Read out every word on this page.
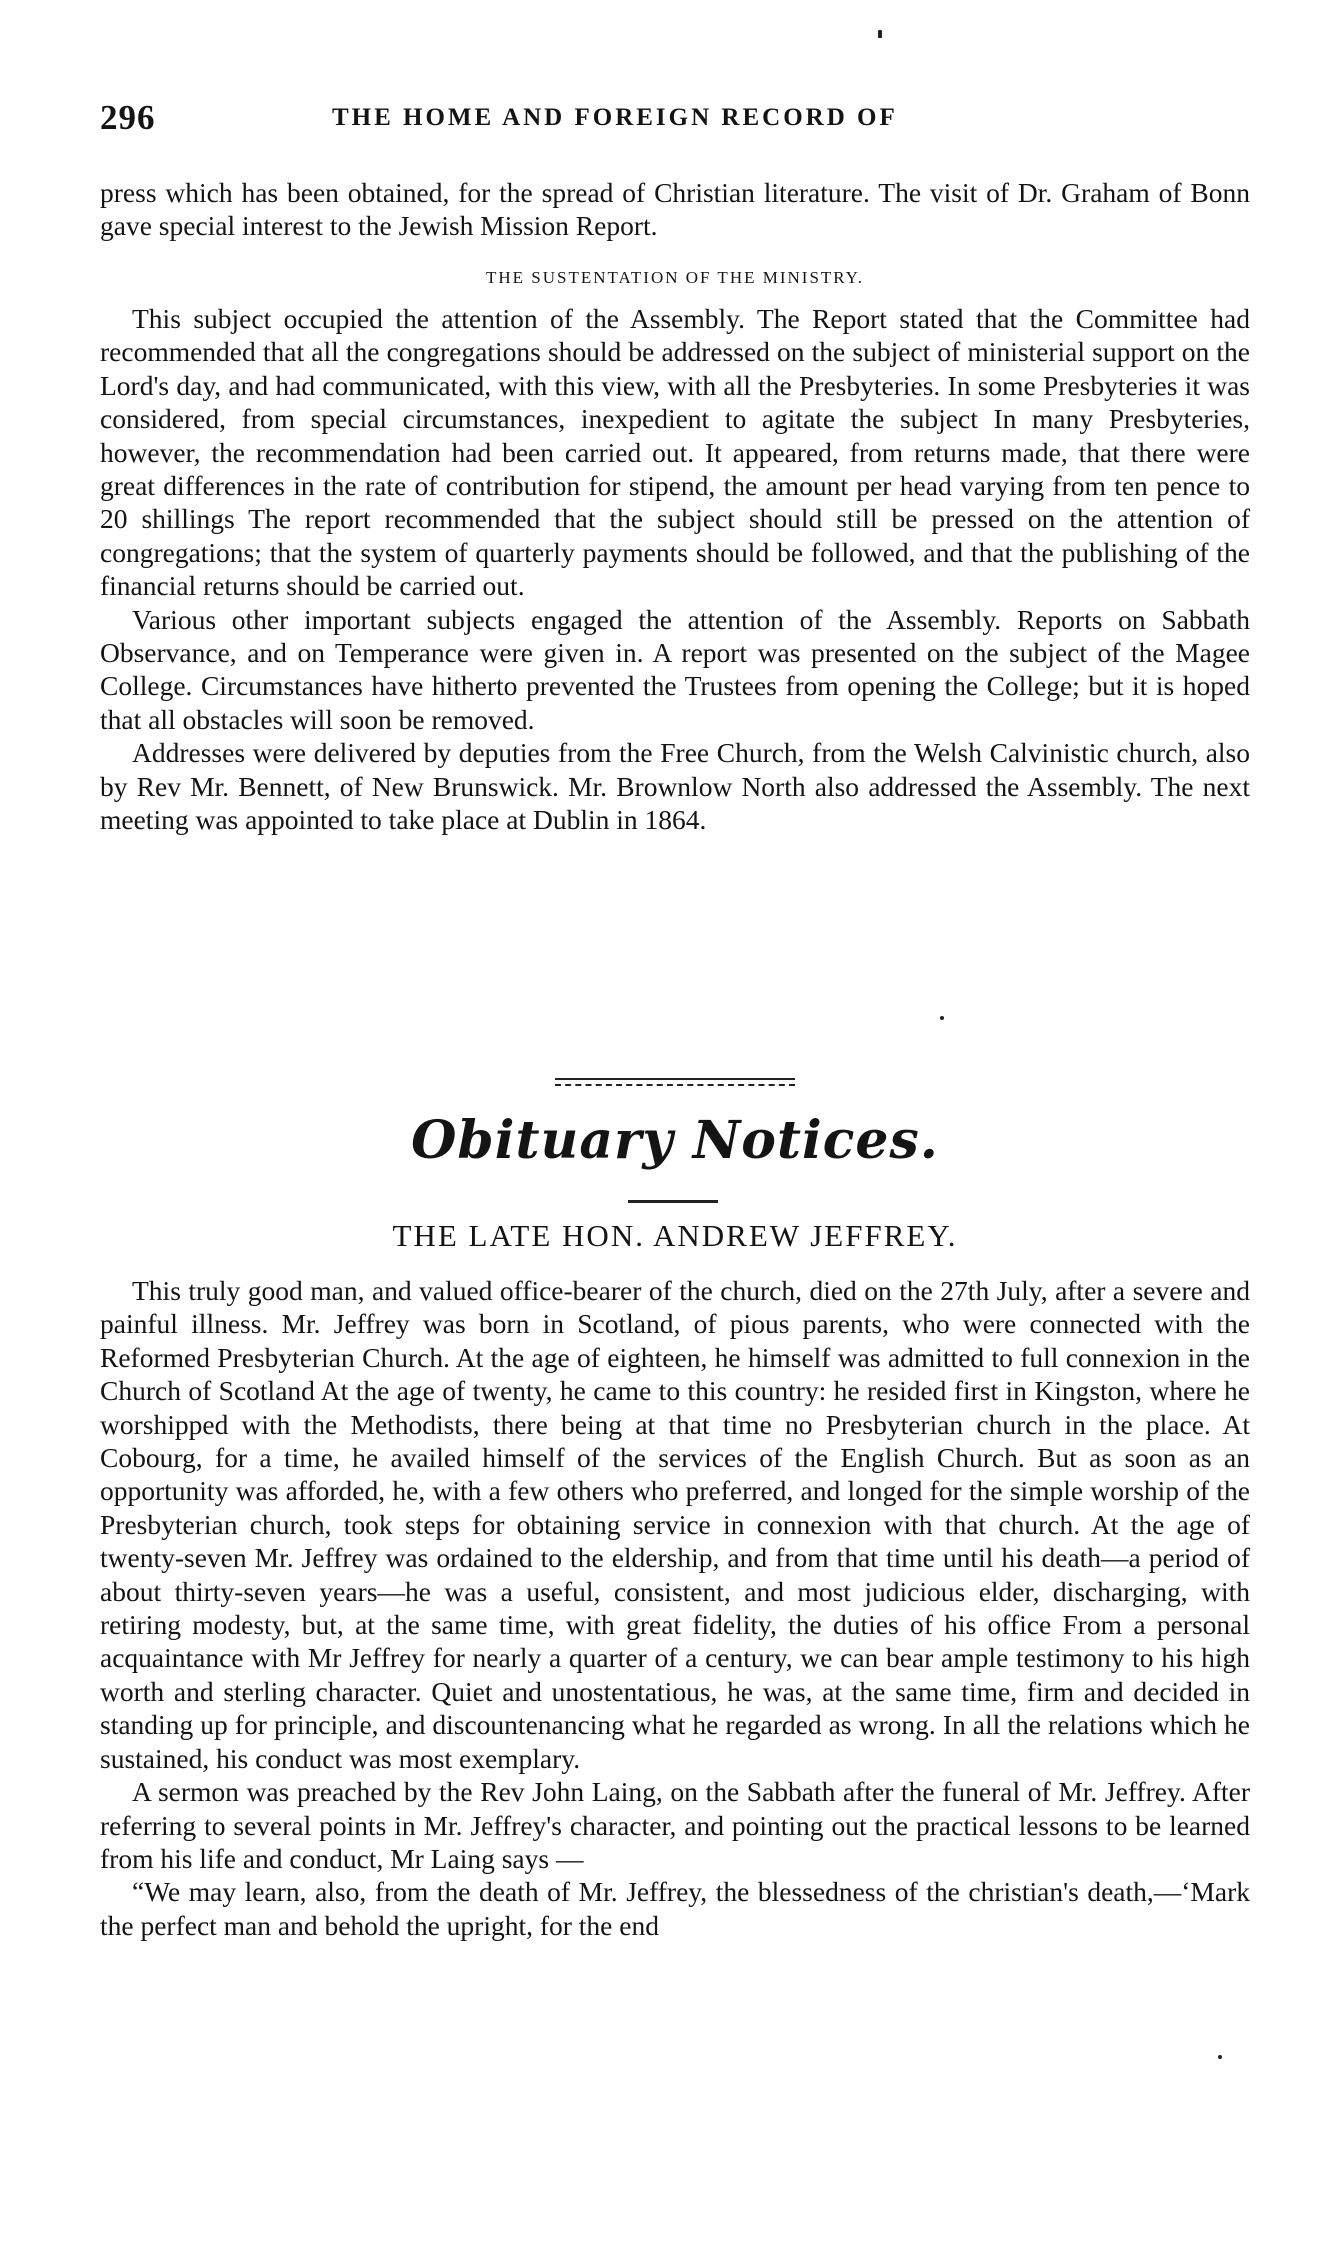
296	THE HOME AND FOREIGN RECORD OF

press which has been obtained, for the spread of Christian literature. The visit of Dr. Graham of Bonn gave special interest to the Jewish Mission Report.

THE SUSTENTATION OF THE MINISTRY.

This subject occupied the attention of the Assembly. The Report stated that the Committee had recommended that all the congregations should be addressed on the subject of ministerial support on the Lord's day, and had communicated, with this view, with all the Presbyteries. In some Presbyteries it was considered, from special circumstances, inexpedient to agitate the subject In many Presbyteries, however, the recommendation had been carried out. It appeared, from returns made, that there were great differences in the rate of contribution for stipend, the amount per head varying from ten pence to 20 shillings The report recommended that the subject should still be pressed on the attention of congregations; that the system of quarterly payments should be followed, and that the publishing of the financial returns should be carried out.

Various other important subjects engaged the attention of the Assembly. Reports on Sabbath Observance, and on Temperance were given in. A report was presented on the subject of the Magee College. Circumstances have hitherto prevented the Trustees from opening the College; but it is hoped that all obstacles will soon be removed.

Addresses were delivered by deputies from the Free Church, from the Welsh Calvinistic church, also by Rev Mr. Bennett, of New Brunswick. Mr. Brownlow North also addressed the Assembly. The next meeting was appointed to take place at Dublin in 1864.

Obituary Notices.
THE LATE HON. ANDREW JEFFREY.

This truly good man, and valued office-bearer of the church, died on the 27th July, after a severe and painful illness. Mr. Jeffrey was born in Scotland, of pious parents, who were connected with the Reformed Presbyterian Church. At the age of eighteen, he himself was admitted to full connexion in the Church of Scotland At the age of twenty, he came to this country: he resided first in Kingston, where he worshipped with the Methodists, there being at that time no Presbyterian church in the place. At Cobourg, for a time, he availed himself of the services of the English Church. But as soon as an opportunity was afforded, he, with a few others who preferred, and longed for the simple worship of the Presbyterian church, took steps for obtaining service in connexion with that church. At the age of twenty-seven Mr. Jeffrey was ordained to the eldership, and from that time until his death—a period of about thirty-seven years—he was a useful, consistent, and most judicious elder, discharging, with retiring modesty, but, at the same time, with great fidelity, the duties of his office From a personal acquaintance with Mr Jeffrey for nearly a quarter of a century, we can bear ample testimony to his high worth and sterling character. Quiet and unostentatious, he was, at the same time, firm and decided in standing up for principle, and discountenancing what he regarded as wrong. In all the relations which he sustained, his conduct was most exemplary.

A sermon was preached by the Rev John Laing, on the Sabbath after the funeral of Mr. Jeffrey. After referring to several points in Mr. Jeffrey's character, and pointing out the practical lessons to be learned from his life and conduct, Mr Laing says —

“We may learn, also, from the death of Mr. Jeffrey, the blessedness of the christian's death,—‘Mark the perfect man and behold the upright, for the end
